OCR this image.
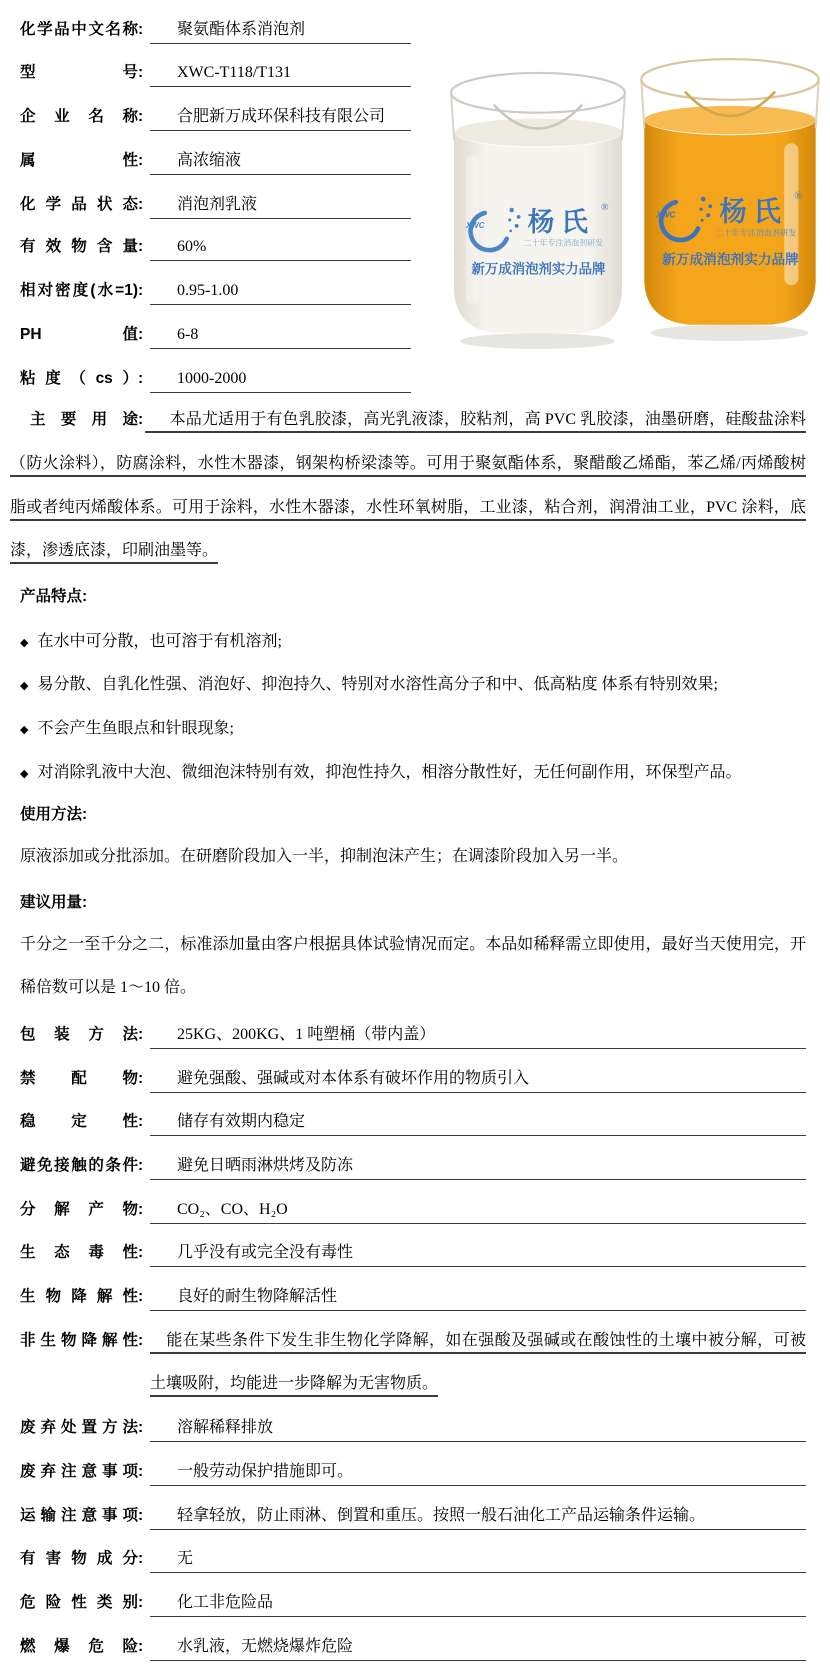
化学品中文名称 :	聚氨酯体系消泡剂
型号 :	XWC-T118/T131
企业名称 :	合肥新万成环保科技有限公司
属性 :	高浓缩液
化学品状态 :	消泡剂乳液
有效物含量 :	60%
相对密度(水=1) :	0.95-1.00
PH值 :	6-8
粘度（cs） :	1000-2000
XWC 杨 氏 ®
二十年专注消泡剂研发
新万成消泡剂实力品牌
XWC 杨 氏 ®
二十年专注消泡剂研发
新万成消泡剂实力品牌
主要用途: 本品尤适用于有色乳胶漆，高光乳液漆，胶粘剂，高 PVC 乳胶漆，油墨研磨，硅酸盐涂料（防火涂料），防腐涂料，水性木器漆，钢架构桥梁漆等。可用于聚氨酯体系，聚醋酸乙烯酯，苯乙烯/丙烯酸树脂或者纯丙烯酸体系。可用于涂料，水性木器漆，水性环氧树脂，工业漆，粘合剂，润滑油工业，PVC 涂料，底漆，渗透底漆，印刷油墨等。
产品特点:
◆ 在水中可分散，也可溶于有机溶剂;
◆ 易分散、自乳化性强、消泡好、抑泡持久、特别对水溶性高分子和中、低高粘度 体系有特别效果;
◆ 不会产生鱼眼点和针眼现象;
◆ 对消除乳液中大泡、微细泡沫特别有效，抑泡性持久，相溶分散性好，无任何副作用，环保型产品。
使用方法:
原液添加或分批添加。在研磨阶段加入一半，抑制泡沫产生；在调漆阶段加入另一半。
建议用量:
千分之一至千分之二，标准添加量由客户根据具体试验情况而定。本品如稀释需立即使用，最好当天使用完，开稀倍数可以是 1～10 倍。
包装方法 :	25KG、200KG、1 吨塑桶（带内盖）
禁配物 :	避免强酸、强碱或对本体系有破坏作用的物质引入
稳定性 :	储存有效期内稳定
避免接触的条件 :	避免日晒雨淋烘烤及防冻
分解产物 :	CO₂、CO、H₂O
生态毒性 :	几乎没有或完全没有毒性
生物降解性 :	良好的耐生物降解活性
非生物降解性 :	能在某些条件下发生非生物化学降解，如在强酸及强碱或在酸蚀性的土壤中被分解，可被土壤吸附，均能进一步降解为无害物质。
废弃处置方法 :	溶解稀释排放
废弃注意事项 :	一般劳动保护措施即可。
运输注意事项 :	轻拿轻放，防止雨淋、倒置和重压。按照一般石油化工产品运输条件运输。
有害物成分 :	无
危险性类别 :	化工非危险品
燃爆危险 :	水乳液，无燃烧爆炸危险
